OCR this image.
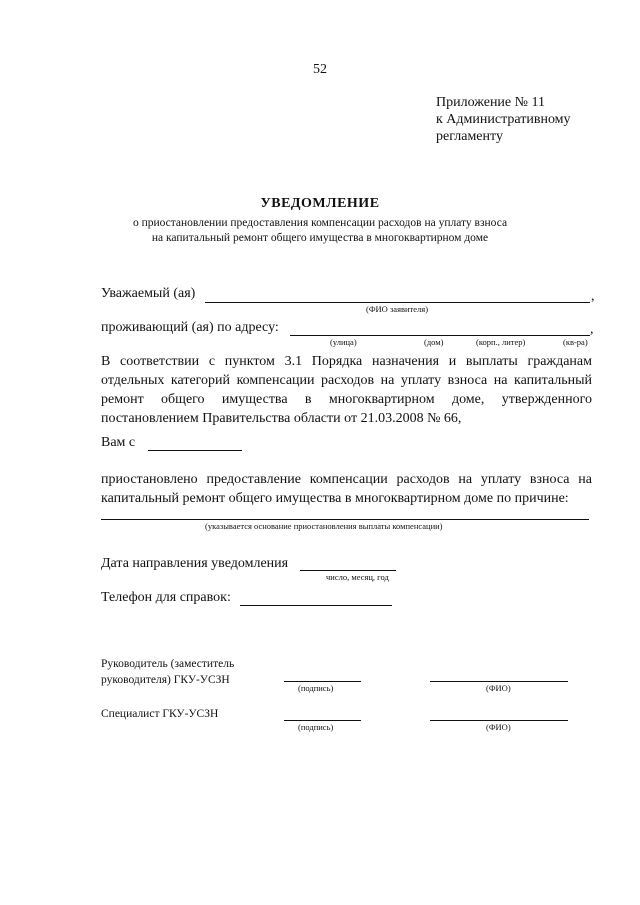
52
Приложение № 11
к Административному
регламенту
УВЕДОМЛЕНИЕ
о приостановлении предоставления компенсации расходов на уплату взноса
на капитальный ремонт общего имущества в многоквартирном доме
Уважаемый (ая)	,
(ФИО заявителя)
проживающий (ая) по адресу:	,
(улица)	(дом)	(корп., литер)	(кв-ра)
В соответствии с пунктом 3.1 Порядка назначения и выплаты гражданам отдельных категорий компенсации расходов на уплату взноса на капитальный ремонт общего имущества в многоквартирном доме, утвержденного постановлением Правительства области от 21.03.2008 № 66,
Вам с
приостановлено предоставление компенсации расходов на уплату взноса на капитальный ремонт общего имущества в многоквартирном доме по причине:
(указывается основание приостановления выплаты компенсации)
Дата направления уведомления
число, месяц, год
Телефон для справок:
Руководитель (заместитель
руководителя) ГКУ-УСЗН
(подпись)	(ФИО)
Специалист ГКУ-УСЗН
(подпись)	(ФИО)
